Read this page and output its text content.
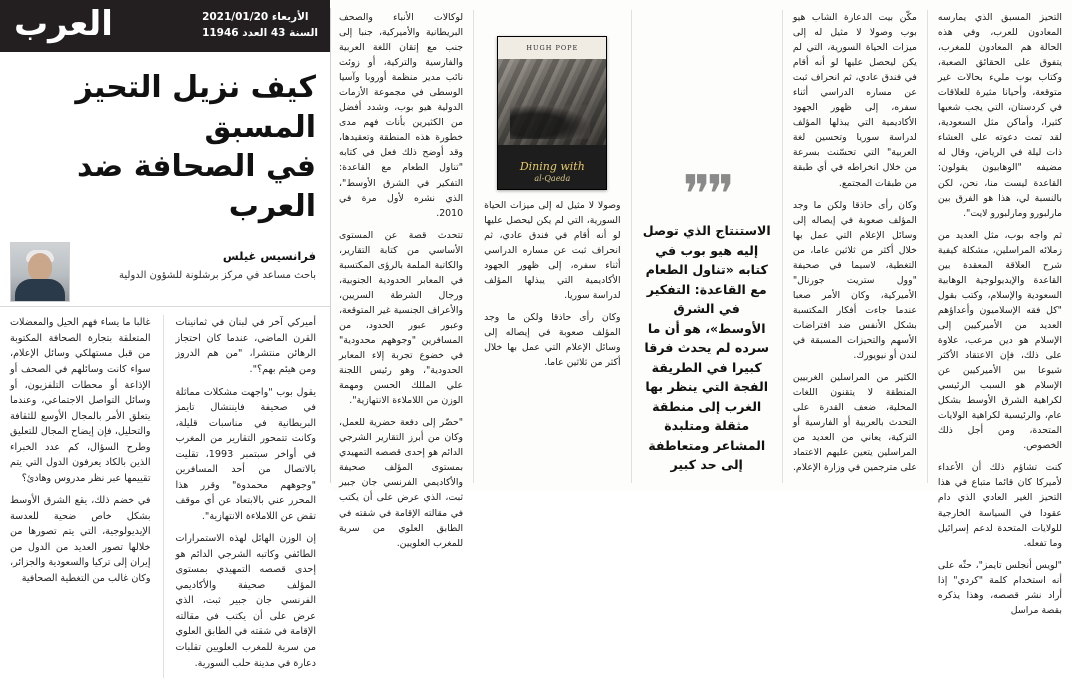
التحيز المسبق الذي يمارسه المعادون للعرب، وفي هذه الحالة هم المعادون للمغرب، يتفوق على الحقائق الصعبة، وكتاب بوب مليء بحالات غير متوقعة، وأحيانا مثيرة للعلاقات في كردستان، التي يجب شعبها كثيرا، وأماكن مثل السعودية، لقد تمت دعوته على العشاء ذات ليلة في الرياض، وقال له مضيفه "الوهابيون يقولون: القاعدة ليست منا، نحن، لكن بالنسبة لي، هذا هو الفرق بين مارلبورو ومارلبورو لايت".

ثم واجه بوب، مثل العديد من زملائه المراسلين، مشكلة كيفية شرح العلاقة المعقدة بين القاعدة والإيديولوجية الوهابية السعودية والإسلام، وكتب بقول "كل فقه الإسلاميون وأعداؤهم العديد من الأميركيين إلى الإسلام هو دين مرعب، علاوة على ذلك، فإن الاعتقاد الأكثر شيوعا بين الأميركيين عن الإسلام هو السبب الرئيسي لكراهية الشرق الأوسط بشكل عام، والرئيسية لكراهية الولايات المتحدة، ومن أجل ذلك الخصوص.

كنت تشاؤم ذلك أن الأعداء لأميركا كان قائما متباع في هذا التحيز الغير العادي الذي دام عقودا في السياسة الخارجية للولايات المتحدة لدعم إسرائيل وما تفعله.

"لويس أنجلس تايمز"، حثّه على أنه استخدام كلمة "كردي" إذا أراد نشر قصصه، وهذا يذكره بقصة مراسل

مكّن بيت الدعارة الشاب هيو بوب وصولا لا مثيل له إلى ميزات الحياة السورية، التي لم يكن ليحصل عليها لو أنه أقام في فندق عادي، ثم انحراف ثبت عن مساره الدراسي أثناء سفره، إلى ظهور الجهود الأكاديمية التي يبذلها المؤلف لدراسة سوريا وتحسين لغة العربية" التي تحسّنت بسرعة من خلال انخراطه في أي طبقة من طبقات المجتمع.

وكان رأى حاذقا ولكن ما وجد المؤلف صعوبة في إيصاله إلى وسائل الإعلام التي عمل بها خلال أكثر من ثلاثين عاما، من التغطية، لاسيما في صحيفة "وول ستريت جورنال" الأميركية، وكان الأمر صعبا عندما جاءت أفكار المكتسبة بشكل الأنفس ضد افتراضات الأسهم والتحيزات المسبقة في لندن أو نيويورك.

الكثير من المراسلين الغربيين المنطقة لا يتقنون اللغات المحلية، ضعف القدرة على التحدث بالعربية أو الفارسية أو التركية، يعاني من العديد من المراسلين يتعين عليهم الاعتماد على مترجمين في وزارة الإعلام.

❞❞
الاستنتاج الذي توصل إليه هيو بوب في كتابه «تناول الطعام مع القاعدة: التفكير في الشرق الأوسط»، هو أن ما سرده لم يحدث فرقا كبيرا في الطريقة الفجة التي ينظر بها الغرب إلى منطقة مثقلة ومتلبدة المشاعر ومتعاطفة إلى حد كبير
HUGH POPE
Dining with
al-Qaeda

وصولا لا مثيل له إلى ميزات الحياة السورية، التي لم يكن ليحصل عليها لو أنه أقام في فندق عادي، ثم انحراف ثبت عن مساره الدراسي أثناء سفره، إلى ظهور الجهود الأكاديمية التي يبذلها المؤلف لدراسة سوريا.

وكان رأى حاذقا ولكن ما وجد المؤلف صعوبة في إيصاله إلى وسائل الإعلام التي عمل بها خلال أكثر من ثلاثين عاما.

لوكالات الأنباء والصحف البريطانية والأميركية، جنبا إلى جنب مع إتقان اللغة العربية والفارسية والتركية، أو زوئت نائب مدير منظمة أوروبا وآسيا الوسطى في مجموعة الأزمات الدولية هيو بوب، وشدد أفضل من الكثيرين بأنات فهم مدى خطورة هذه المنطقة وتعقيدها، وقد أوضح ذلك فعل في كتابه "تناول الطعام مع القاعدة: التفكير في الشرق الأوسط"، الذي نشره لأول مرة في 2010.

تتحدث قصة عن المستوى الأساسي من كتابة التقارير، والكاتبة الملمة بالرؤى المكتسبة في المعابر الحدودية الجنوبية، ورجال الشرطة السريين، والأعراف الجنسية غير المتوقعة، وعبور عبور الحدود، من المسافرين "وجوههم محدودية" في خضوع تجربة إلاء المعابر الحدودية"، وهو رئيس اللجنة علي المللك الحسن ومهمة الوزن من اللاملاءة الانتهازية".

"حضّر إلى دفعة حضرية للعمل، وكان من أبرز التقارير الشرجي الدائم هو إحدى قصصه التمهيدي بمستوى المؤلف صحيفة والأكاديمي الفرنسي جان جبير ثبت، الذي عرض على أن يكتب في مقالته الإقامة في شقته في الطابق العلوي من سرية للمغرب العلويين.

الأربعاء 2021/01/20
السنة 43 العدد 11946
العرب
كيف نزيل التحيز المسبق
في الصحافة ضد العرب
فرانسيس غيلس
باحث مساعد في مركز برشلونة للشؤون الدولية

أميركي آخر في لبنان في ثمانينات القرن الماضي، عندما كان احتجاز الرهائن منتشرا، "من هم الدروز ومن هيئم بهم؟".

يقول بوب "واجهت مشكلات مماثلة في صحيفة فايننشال تايمز البريطانية في مناسبات قليلة، وكانت تتمحور التقارير من المغرب في أواخر سبتمبر 1993، تقليت بالاتصال من أحد المسافرين "وجوههم محمدوة" وقرر هذا المحرر عني بالابتعاد عن أي موقف تقض عن اللاملاءة الانتهازية".

إن الوزن الهائل لهذه الاستمرارات الطائفي وكاتبه الشرجي الدائم هو إحدى قصصه التمهيدي بمستوى المؤلف صحيفة والأكاديمي الفرنسي جان جبير ثبت، الذي عرض على أن يكتب في مقالته الإقامة في شقته في الطابق العلوي من سرية للمغرب العلويين تقلبات دعارة في مدينة حلب السورية.

غالبا ما يساء فهم الحيل والمعضلات المتعلقة بتجارة الصحافة المكتوبة من قبل مستهلكي وسائل الإعلام، سواء كانت وسائلهم في الصحف أو الإذاعة أو محطات التلفزيون، أو وسائل التواصل الاجتماعي، وعندما يتعلق الأمر بالمجال الأوسع للثقافة والتحليل، فإن إيضاح المجال للتعليق وطرح السؤال، كم عدد الخبراء الذين بالكاد يعرفون الدول التي يتم تقييمها عبر نظر مدروس وهادئ؟

في خضم ذلك، يقع الشرق الأوسط بشكل خاص ضحية للعدسة الإيديولوجية، التي يتم تصورها من خلالها تصور العديد من الدول من إيران إلى تركيا والسعودية والجزائر، وكان غالب من التغطية الصحافية
